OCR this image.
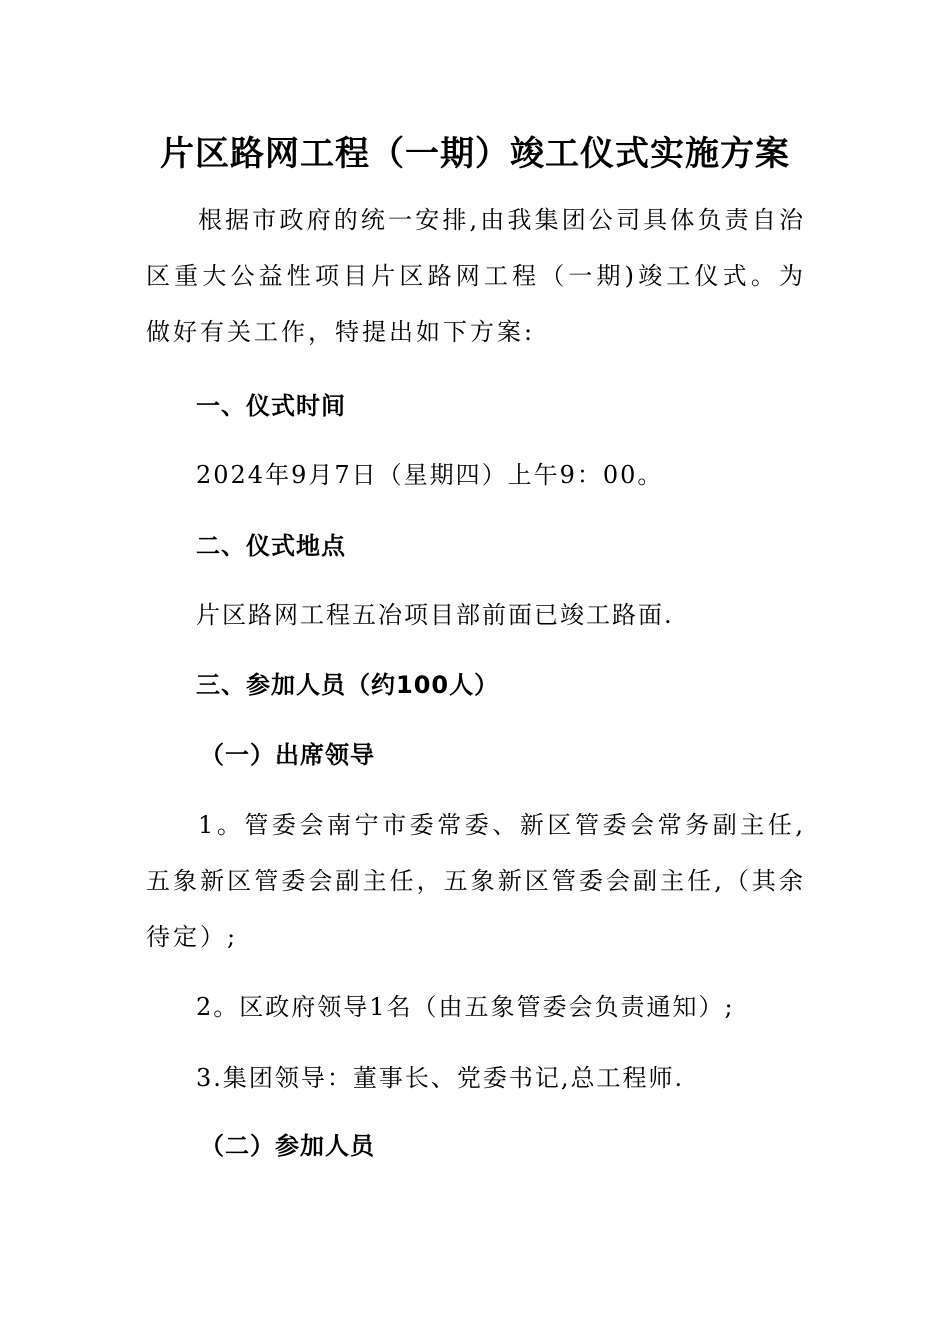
片区路网工程（一期）竣工仪式实施方案

根据市政府的统一安排,由我集团公司具体负责自治区重大公益性项目片区路网工程（一期)竣工仪式。为做好有关工作，特提出如下方案:

一、仪式时间
2024年9月7日（星期四）上午9：00。
二、仪式地点
片区路网工程五冶项目部前面已竣工路面.
三、参加人员（约100人）
（一）出席领导

1。管委会南宁市委常委、新区管委会常务副主任,五象新区管委会副主任，五象新区管委会副主任,（其余待定）;

2。区政府领导1名（由五象管委会负责通知）;
3.集团领导：董事长、党委书记,总工程师.
（二）参加人员
